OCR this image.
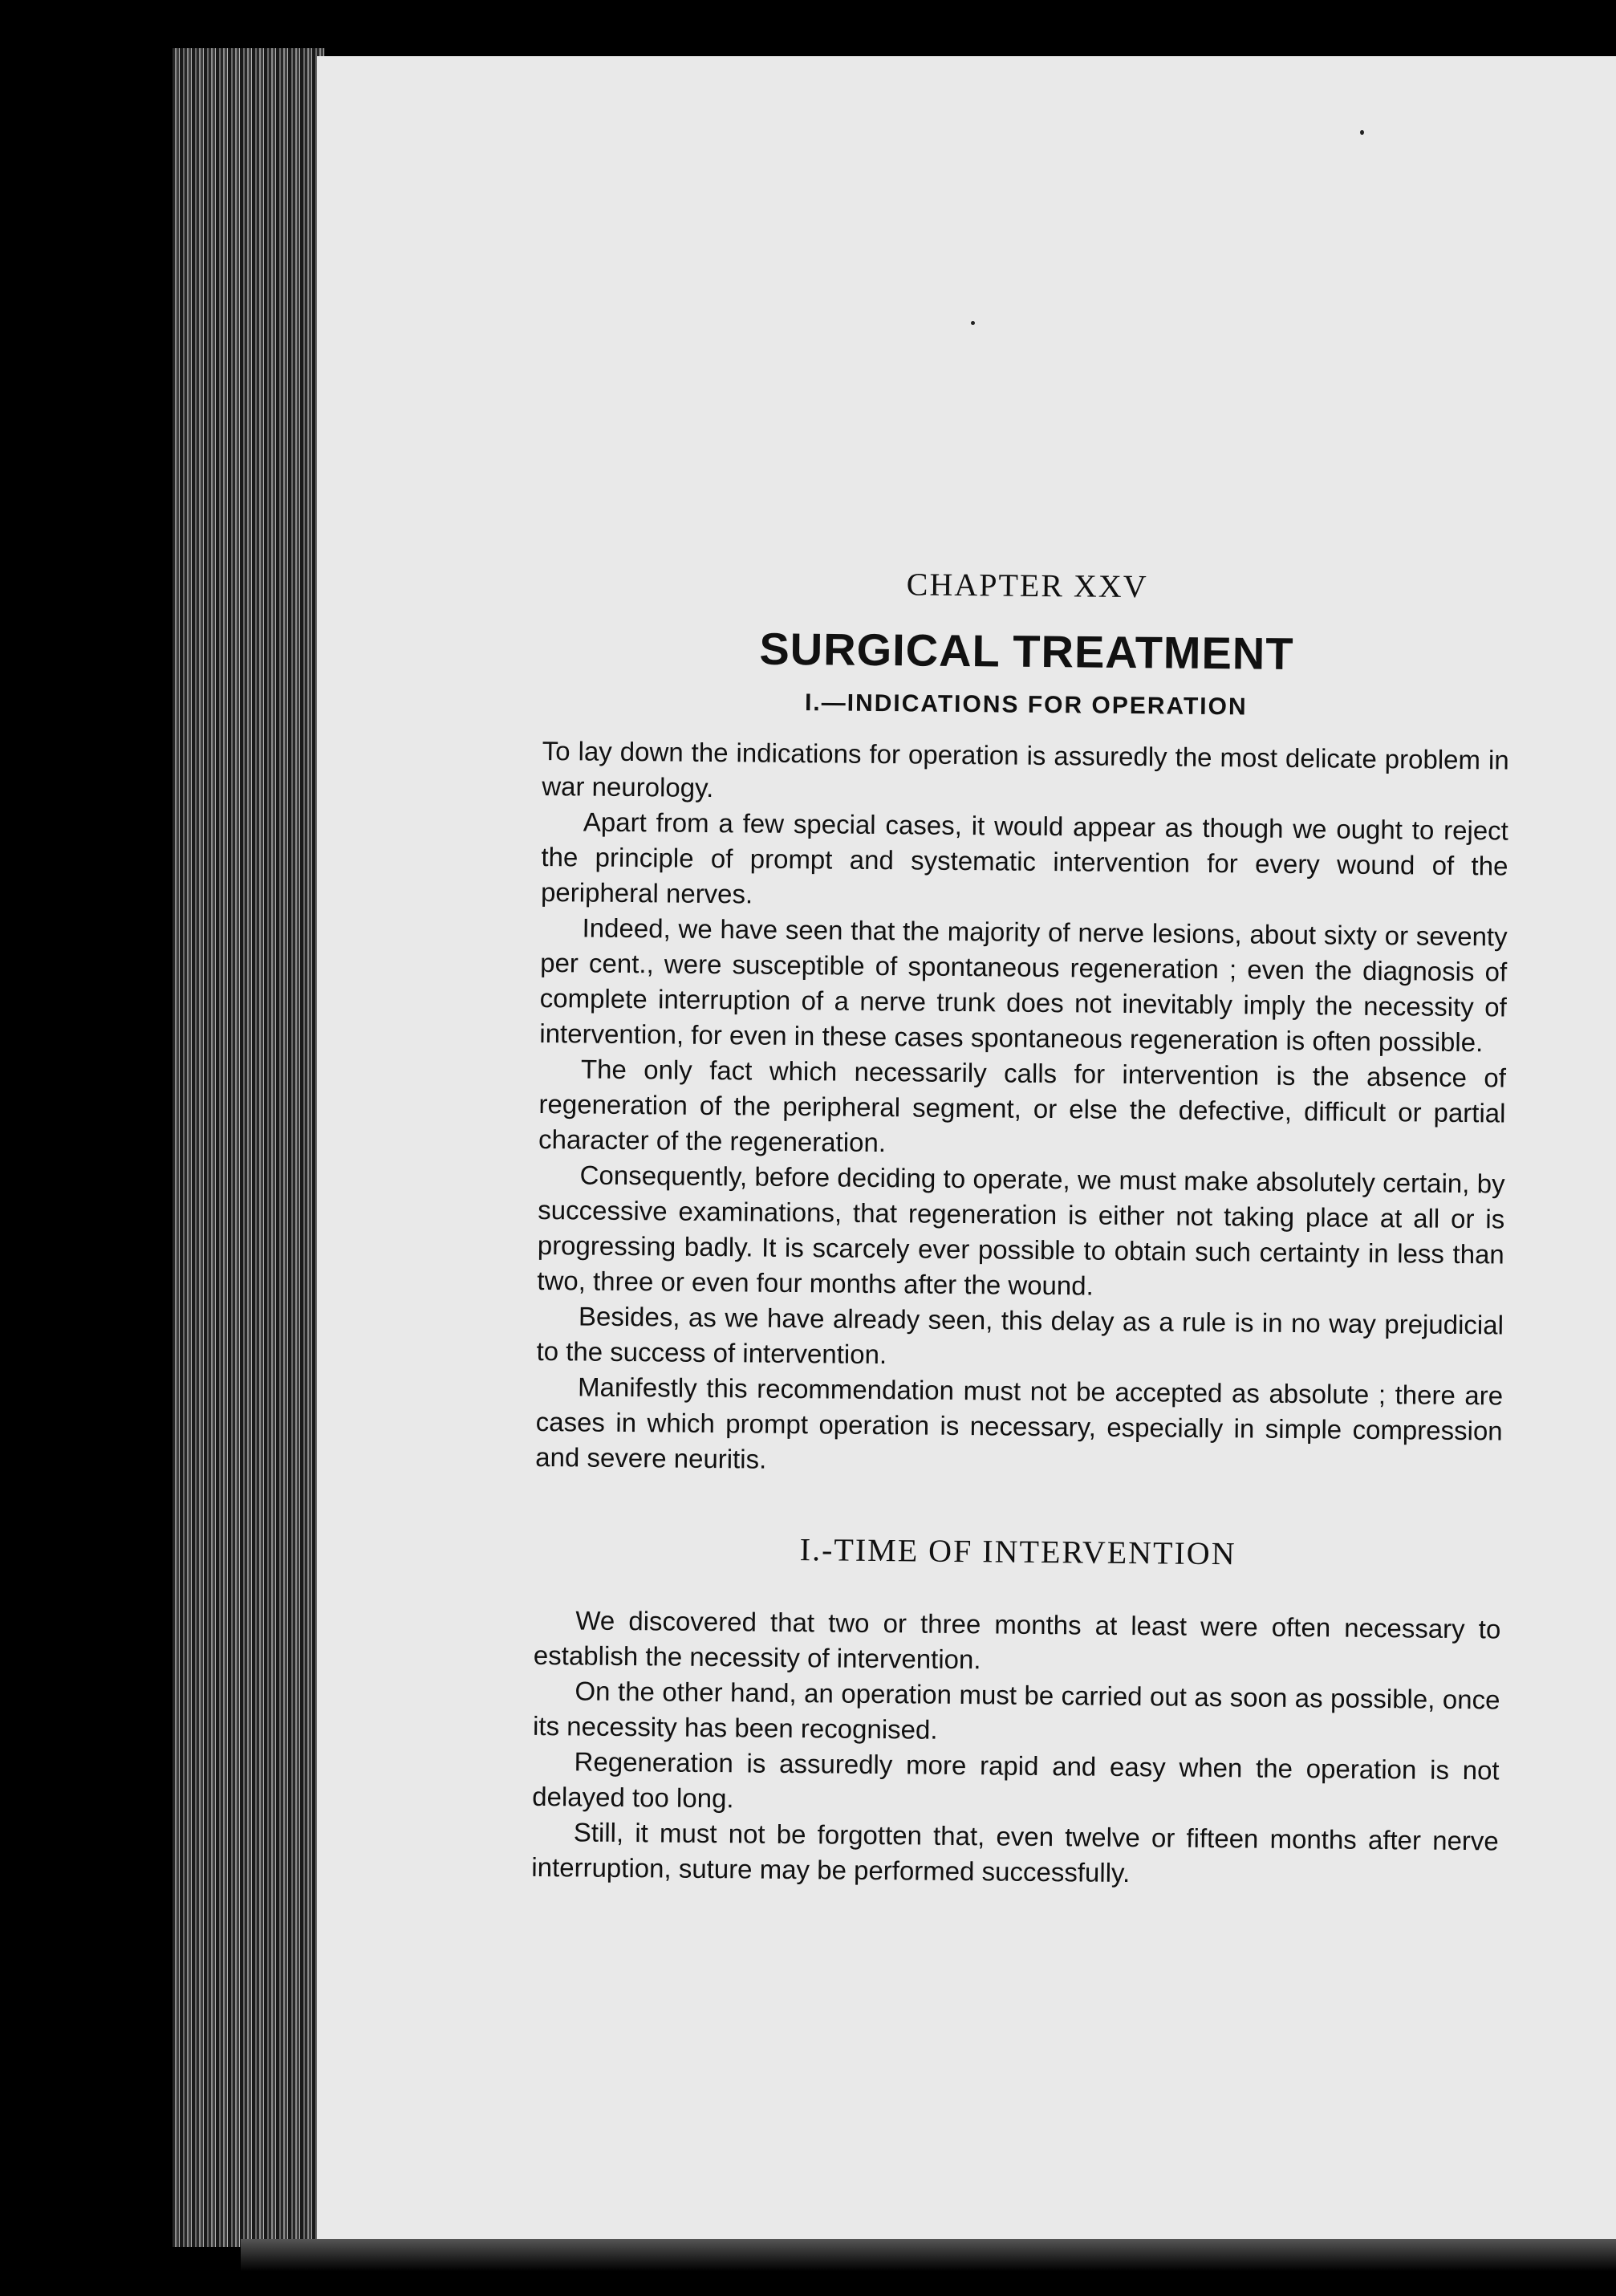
CHAPTER XXV
SURGICAL TREATMENT
I.—INDICATIONS FOR OPERATION

To lay down the indications for operation is assuredly the most delicate problem in war neurology.

Apart from a few special cases, it would appear as though we ought to reject the principle of prompt and systematic intervention for every wound of the peripheral nerves.

Indeed, we have seen that the majority of nerve lesions, about sixty or seventy per cent., were susceptible of spontaneous regeneration ; even the diagnosis of complete interruption of a nerve trunk does not inevitably imply the necessity of intervention, for even in these cases spontaneous regeneration is often possible.

The only fact which necessarily calls for intervention is the absence of regeneration of the peripheral segment, or else the defective, difficult or partial character of the regeneration.

Consequently, before deciding to operate, we must make absolutely certain, by successive examinations, that regeneration is either not taking place at all or is progressing badly. It is scarcely ever possible to obtain such certainty in less than two, three or even four months after the wound.

Besides, as we have already seen, this delay as a rule is in no way prejudicial to the success of intervention.

Manifestly this recommendation must not be accepted as absolute ; there are cases in which prompt operation is necessary, especially in simple compression and severe neuritis.

I.-TIME OF INTERVENTION

We discovered that two or three months at least were often necessary to establish the necessity of intervention.

On the other hand, an operation must be carried out as soon as possible, once its necessity has been recognised.

Regeneration is assuredly more rapid and easy when the operation is not delayed too long.

Still, it must not be forgotten that, even twelve or fifteen months after nerve interruption, suture may be performed successfully.
